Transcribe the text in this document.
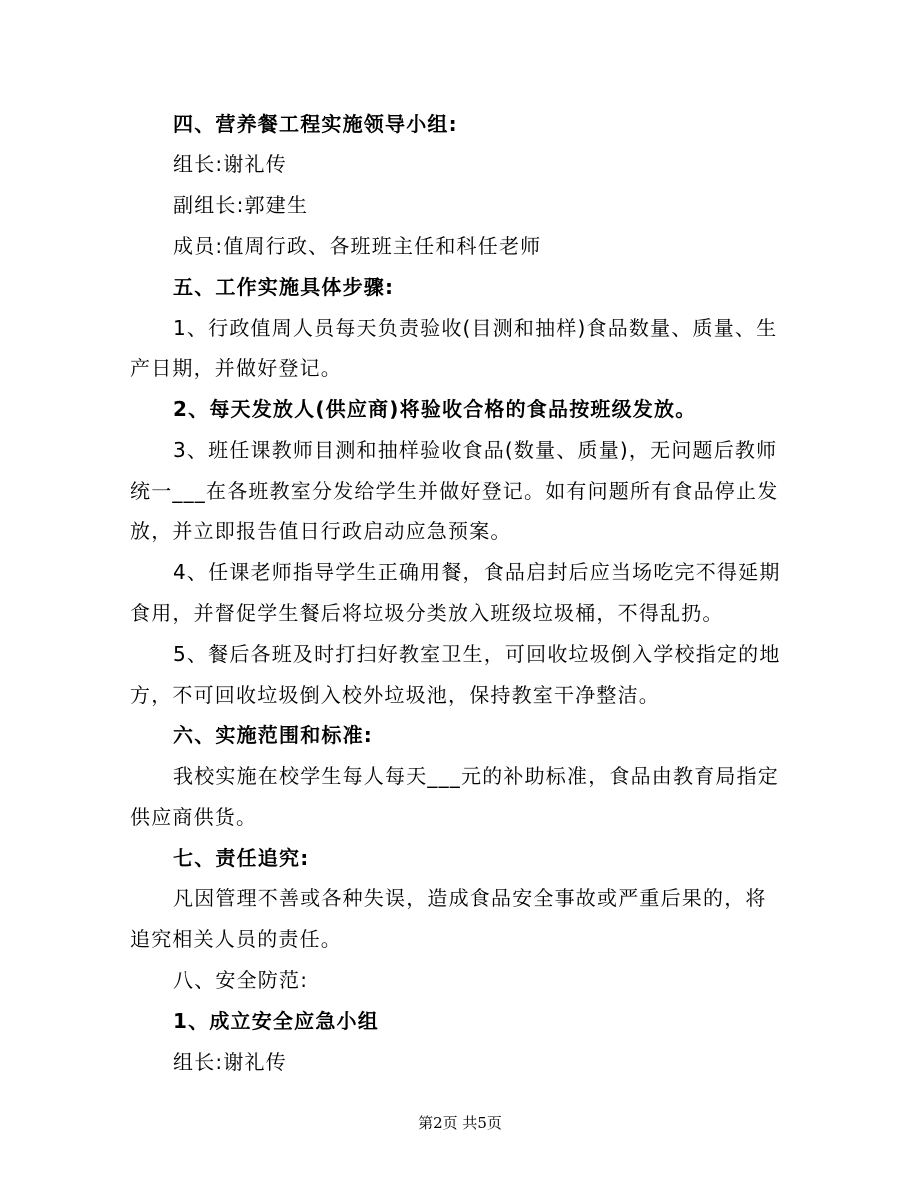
四、营养餐工程实施领导小组:
组长:谢礼传
副组长:郭建生
成员:值周行政、各班班主任和科任老师
五、工作实施具体步骤:
1、行政值周人员每天负责验收(目测和抽样)食品数量、质量、生
产日期，并做好登记。
2、每天发放人(供应商)将验收合格的食品按班级发放。
3、班任课教师目测和抽样验收食品(数量、质量)，无问题后教师
统一___在各班教室分发给学生并做好登记。如有问题所有食品停止发
放，并立即报告值日行政启动应急预案。
4、任课老师指导学生正确用餐，食品启封后应当场吃完不得延期
食用，并督促学生餐后将垃圾分类放入班级垃圾桶，不得乱扔。
5、餐后各班及时打扫好教室卫生，可回收垃圾倒入学校指定的地
方，不可回收垃圾倒入校外垃圾池，保持教室干净整洁。
六、实施范围和标准:
我校实施在校学生每人每天___元的补助标准，食品由教育局指定
供应商供货。
七、责任追究:
凡因管理不善或各种失误，造成食品安全事故或严重后果的，将
追究相关人员的责任。
八、安全防范:
1、成立安全应急小组
组长:谢礼传
第2页 共5页
